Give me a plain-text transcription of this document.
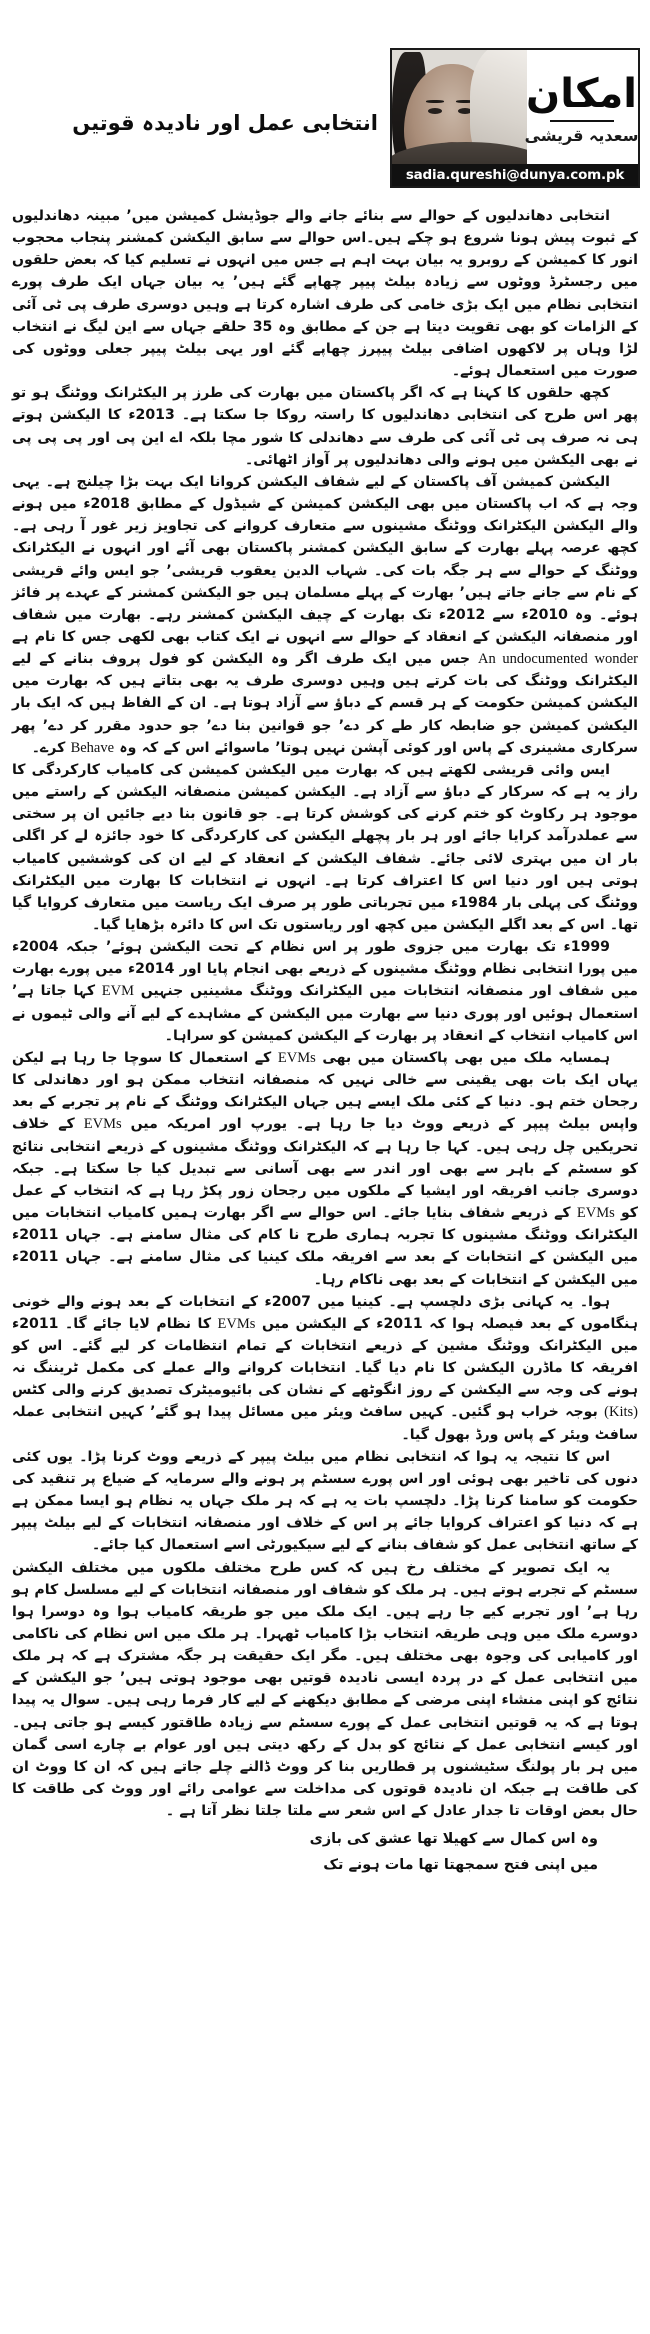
امکان
سعدیہ قریشی
sadia.qureshi@dunya.com.pk
انتخابی عمل اور نادیدہ قوتیں

انتخابی دھاندلیوں کے حوالے سے بنائے جانے والے جوڈیشل کمیشن میں’ مبینہ دھاندلیوں کے ثبوت پیش ہونا شروع ہو چکے ہیں۔اس حوالے سے سابق الیکشن کمشنر پنجاب محجوب انور کا کمیشن کے روبرو یہ بیان بہت اہم ہے جس میں انہوں نے تسلیم کیا کہ بعض حلقوں میں رجسٹرڈ ووٹوں سے زیادہ بیلٹ پیپر چھاپے گئے ہیں’ یہ بیان جہاں ایک طرف پورے انتخابی نظام میں ایک بڑی خامی کی طرف اشارہ کرتا ہے وہیں دوسری طرف پی ٹی آئی کے الزامات کو بھی تقویت دیتا ہے جن کے مطابق وہ 35 حلقے جہاں سے این لیگ نے انتخاب لڑا وہاں پر لاکھوں اضافی بیلٹ پیپرز چھاپے گئے اور یہی بیلٹ پیپر جعلی ووٹوں کی صورت میں استعمال ہوئے۔

کچھ حلقوں کا کہنا ہے کہ اگر پاکستان میں بھارت کی طرز پر الیکٹرانک ووٹنگ ہو تو پھر اس طرح کی انتخابی دھاندلیوں کا راستہ روکا جا سکتا ہے۔ 2013ء کا الیکشن ہوتے ہی نہ صرف پی ٹی آئی کی طرف سے دھاندلی کا شور مچا بلکہ اے این پی اور پی پی پی نے بھی الیکشن میں ہونے والی دھاندلیوں پر آواز اٹھائی۔

الیکشن کمیشن آف پاکستان کے لیے شفاف الیکشن کروانا ایک بہت بڑا چیلنج ہے۔ یہی وجہ ہے کہ اب پاکستان میں بھی الیکشن کمیشن کے شیڈول کے مطابق 2018ء میں ہونے والے الیکشن الیکٹرانک ووٹنگ مشینوں سے متعارف کروانے کی تجاویز زیر غور آ رہی ہے۔ کچھ عرصہ پہلے بھارت کے سابق الیکشن کمشنر پاکستان بھی آئے اور انہوں نے الیکٹرانک ووٹنگ کے حوالے سے ہر جگہ بات کی۔ شہاب الدین یعقوب قریشی’ جو ایس وائے قریشی کے نام سے جانے جاتے ہیں’ بھارت کے پہلے مسلمان ہیں جو الیکشن کمشنر کے عہدے پر فائز ہوئے۔ وہ 2010ء سے 2012ء تک بھارت کے چیف الیکشن کمشنر رہے۔ بھارت میں شفاف اور منصفانہ الیکشن کے انعقاد کے حوالے سے انہوں نے ایک کتاب بھی لکھی جس کا نام ہے An undocumented wonder جس میں ایک طرف اگر وہ الیکشن کو فول پروف بنانے کے لیے الیکٹرانک ووٹنگ کی بات کرتے ہیں وہیں دوسری طرف یہ بھی بتاتے ہیں کہ بھارت میں الیکشن کمیشن حکومت کے ہر قسم کے دباؤ سے آزاد ہوتا ہے۔ ان کے الفاظ ہیں کہ ایک بار الیکشن کمیشن جو ضابطہ کار طے کر دے’ جو قوانین بنا دے’ جو حدود مقرر کر دے’ پھر سرکاری مشینری کے پاس اور کوئی آپشن نہیں ہوتا’ ماسوائے اس کے کہ وہ Behave کرے۔

ایس وائی قریشی لکھتے ہیں کہ بھارت میں الیکشن کمیشن کی کامیاب کارکردگی کا راز یہ ہے کہ سرکار کے دباؤ سے آزاد ہے۔ الیکشن کمیشن منصفانہ الیکشن کے راستے میں موجود ہر رکاوٹ کو ختم کرنے کی کوشش کرتا ہے۔ جو قانون بنا دیے جائیں ان پر سختی سے عملدرآمد کرایا جائے اور ہر بار پچھلے الیکشن کی کارکردگی کا خود جائزہ لے کر اگلی بار ان میں بہتری لائی جائے۔ شفاف الیکشن کے انعقاد کے لیے ان کی کوششیں کامیاب ہوتی ہیں اور دنیا اس کا اعتراف کرتا ہے۔ انہوں نے انتخابات کا بھارت میں الیکٹرانک ووٹنگ کی پہلی بار 1984ء میں تجرباتی طور پر صرف ایک ریاست میں متعارف کروایا گیا تھا۔ اس کے بعد اگلے الیکشن میں کچھ اور ریاستوں تک اس کا دائرہ بڑھایا گیا۔

1999ء تک بھارت میں جزوی طور پر اس نظام کے تحت الیکشن ہوئے’ جبکہ 2004ء میں پورا انتخابی نظام ووٹنگ مشینوں کے ذریعے بھی انجام پایا اور 2014ء میں پورے بھارت میں شفاف اور منصفانہ انتخابات میں الیکٹرانک ووٹنگ مشینیں جنہیں EVM کہا جاتا ہے’ استعمال ہوئیں اور پوری دنیا سے بھارت میں الیکشن کے مشاہدے کے لیے آنے والی ٹیموں نے اس کامیاب انتخاب کے انعقاد پر بھارت کے الیکشن کمیشن کو سراہا۔

ہمسایہ ملک میں بھی پاکستان میں بھی EVMs کے استعمال کا سوچا جا رہا ہے لیکن یہاں ایک بات بھی یقینی سے خالی نہیں کہ منصفانہ انتخاب ممکن ہو اور دھاندلی کا رجحان ختم ہو۔ دنیا کے کئی ملک ایسے ہیں جہاں الیکٹرانک ووٹنگ کے نام پر تجربے کے بعد واپس بیلٹ پیپر کے ذریعے ووٹ دیا جا رہا ہے۔ یورپ اور امریکہ میں EVMs کے خلاف تحریکیں چل رہی ہیں۔ کہا جا رہا ہے کہ الیکٹرانک ووٹنگ مشینوں کے ذریعے انتخابی نتائج کو سسٹم کے باہر سے بھی اور اندر سے بھی آسانی سے تبدیل کیا جا سکتا ہے۔ جبکہ دوسری جانب افریقہ اور ایشیا کے ملکوں میں رجحان زور پکڑ رہا ہے کہ انتخاب کے عمل کو EVMs کے ذریعے شفاف بنایا جائے۔ اس حوالے سے اگر بھارت ہمیں کامیاب انتخابات میں الیکٹرانک ووٹنگ مشینوں کا تجربہ ہماری طرح نا کام کی مثال سامنے ہے۔ جہاں 2011ء میں الیکشن کے انتخابات کے بعد سے افریقہ ملک کینیا کی مثال سامنے ہے۔ جہاں 2011ء میں الیکشن کے انتخابات کے بعد بھی ناکام رہا۔

ہوا۔ یہ کہانی بڑی دلچسپ ہے۔ کینیا میں 2007ء کے انتخابات کے بعد ہونے والے خونی ہنگاموں کے بعد فیصلہ ہوا کہ 2011ء کے الیکشن میں EVMs کا نظام لایا جائے گا۔ 2011ء میں الیکٹرانک ووٹنگ مشین کے ذریعے انتخابات کے تمام انتظامات کر لیے گئے۔ اس کو افریقہ کا ماڈرن الیکشن کا نام دیا گیا۔ انتخابات کروانے والے عملے کی مکمل ٹریننگ نہ ہونے کی وجہ سے الیکشن کے روز انگوٹھے کے نشان کی بائیومیٹرک تصدیق کرنے والی کٹس (Kits) بوجہ خراب ہو گئیں۔ کہیں سافٹ ویئر میں مسائل پیدا ہو گئے’ کہیں انتخابی عملہ سافٹ ویئر کے پاس ورڈ بھول گیا۔

اس کا نتیجہ یہ ہوا کہ انتخابی نظام میں بیلٹ پیپر کے ذریعے ووٹ کرنا پڑا۔ یوں کئی دنوں کی تاخیر بھی ہوئی اور اس پورے سسٹم پر ہونے والے سرمایہ کے ضیاع پر تنقید کی حکومت کو سامنا کرنا پڑا۔ دلچسپ بات یہ ہے کہ ہر ملک جہاں یہ نظام ہو ایسا ممکن ہے ہے کہ دنیا کو اعتراف کروایا جائے پر اس کے خلاف اور منصفانہ انتخابات کے لیے بیلٹ پیپر کے ساتھ انتخابی عمل کو شفاف بنانے کے لیے سیکیورٹی اسے استعمال کیا جائے۔

یہ ایک تصویر کے مختلف رخ ہیں کہ کس طرح مختلف ملکوں میں مختلف الیکشن سسٹم کے تجربے ہوتے ہیں۔ ہر ملک کو شفاف اور منصفانہ انتخابات کے لیے مسلسل کام ہو رہا ہے’ اور تجربے کیے جا رہے ہیں۔ ایک ملک میں جو طریقہ کامیاب ہوا وہ دوسرا ہوا دوسرے ملک میں وہی طریقہ انتخاب بڑا کامیاب ٹھہرا۔ ہر ملک میں اس نظام کی ناکامی اور کامیابی کی وجوہ بھی مختلف ہیں۔ مگر ایک حقیقت ہر جگہ مشترک ہے کہ ہر ملک میں انتخابی عمل کے در پردہ ایسی نادیدہ قوتیں بھی موجود ہوتی ہیں’ جو الیکشن کے نتائج کو اپنی منشاء اپنی مرضی کے مطابق دیکھنے کے لیے کار فرما رہی ہیں۔ سوال یہ پیدا ہوتا ہے کہ یہ قوتیں انتخابی عمل کے پورے سسٹم سے زیادہ طاقتور کیسے ہو جاتی ہیں۔ اور کیسے انتخابی عمل کے نتائج کو بدل کے رکھ دیتی ہیں اور عوام بے چارے اسی گمان میں ہر بار پولنگ سٹیشنوں پر قطاریں بنا کر ووٹ ڈالنے چلے جاتے ہیں کہ ان کا ووٹ ان کی طاقت ہے جبکہ ان نادیدہ قوتوں کی مداخلت سے عوامی رائے اور ووٹ کی طاقت کا حال بعض اوقات تا جدار عادل کے اس شعر سے ملتا جلتا نظر آتا ہے ۔

وہ اس کمال سے کھیلا تھا عشق کی بازی
میں اپنی فتح سمجھتا تھا مات ہونے تک
